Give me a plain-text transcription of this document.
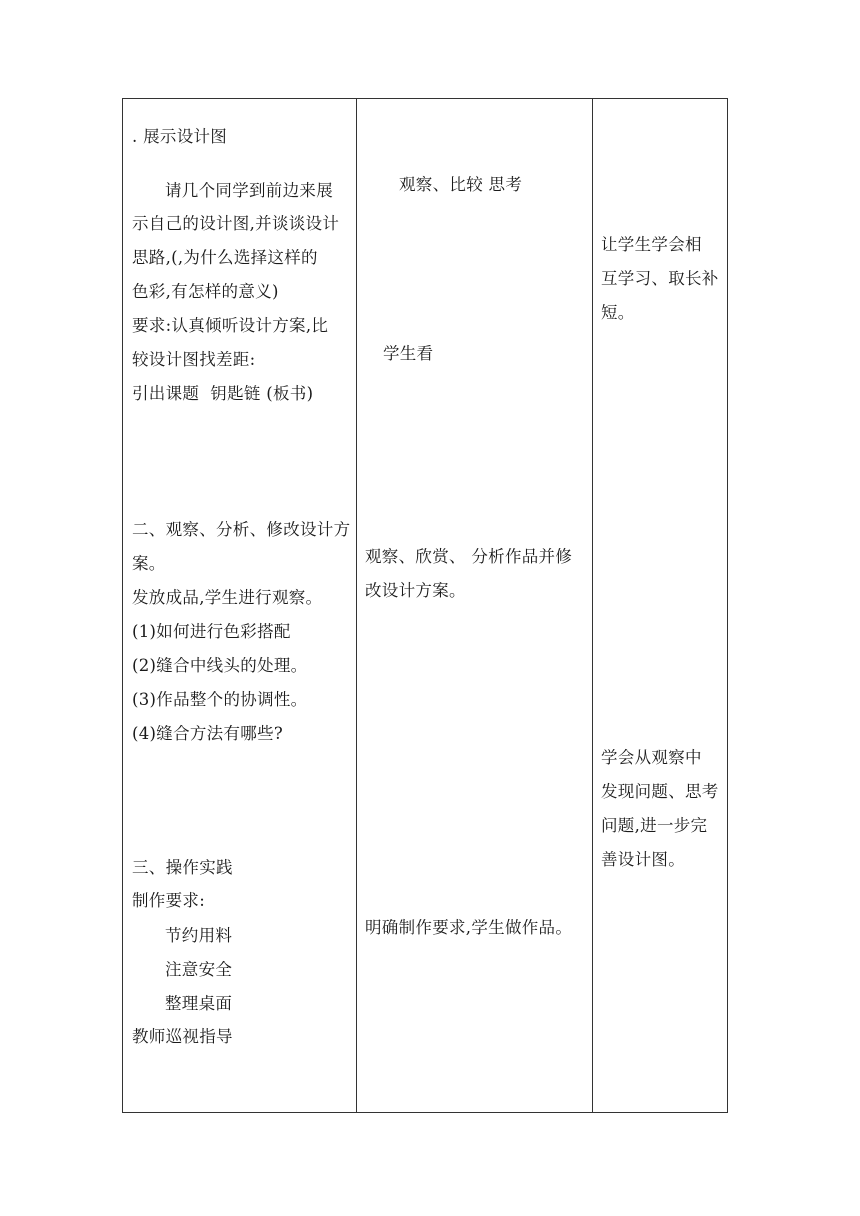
. 展示设计图
请几个同学到前边来展
示自己的设计图,并谈谈设计
思路,(,为什么选择这样的
色彩,有怎样的意义)
要求:认真倾听设计方案,比
较设计图找差距:
引出课题  钥匙链 (板书)
二、观察、分析、修改设计方
案。
发放成品,学生进行观察。
(1)如何进行色彩搭配
(2)缝合中线头的处理。
(3)作品整个的协调性。
(4)缝合方法有哪些?
三、操作实践
制作要求:
节约用料
注意安全
整理桌面
教师巡视指导
观察、比较 思考
学生看
观察、欣赏、 分析作品并修
改设计方案。
明确制作要求,学生做作品。
让学生学会相
互学习、取长补
短。
学会从观察中
发现问题、思考
问题,进一步完
善设计图。
